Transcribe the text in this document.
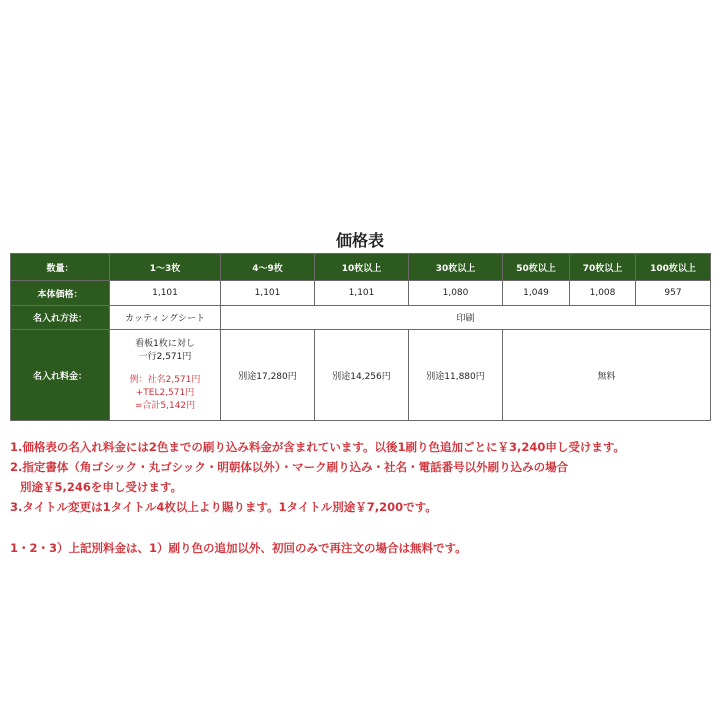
価格表
数量：	1〜3枚	4〜9枚	10枚以上	30枚以上	50枚以上	70枚以上	100枚以上
本体価格：	1,101	1,101	1,101	1,080	1,049	1,008	957
名入れ方法：	カッティングシート	印刷					
名入れ料金：	看板1枚に対し
一行2,571円
例：社名2,571円
+TEL2,571円
=合計5,142円	別途17,280円	別途14,256円	別途11,880円	無料		
1.価格表の名入れ料金には2色までの刷り込み料金が含まれています。以後1刷り色追加ごとに￥3,240申し受けます。
2.指定書体（角ゴシック・丸ゴシック・明朝体以外）・マーク刷り込み・社名・電話番号以外刷り込みの場合
別途￥5,246を申し受けます。
3.タイトル変更は1タイトル4枚以上より賜ります。1タイトル別途￥7,200です。
1・2・3）上記別料金は、1）刷り色の追加以外、初回のみで再注文の場合は無料です。
